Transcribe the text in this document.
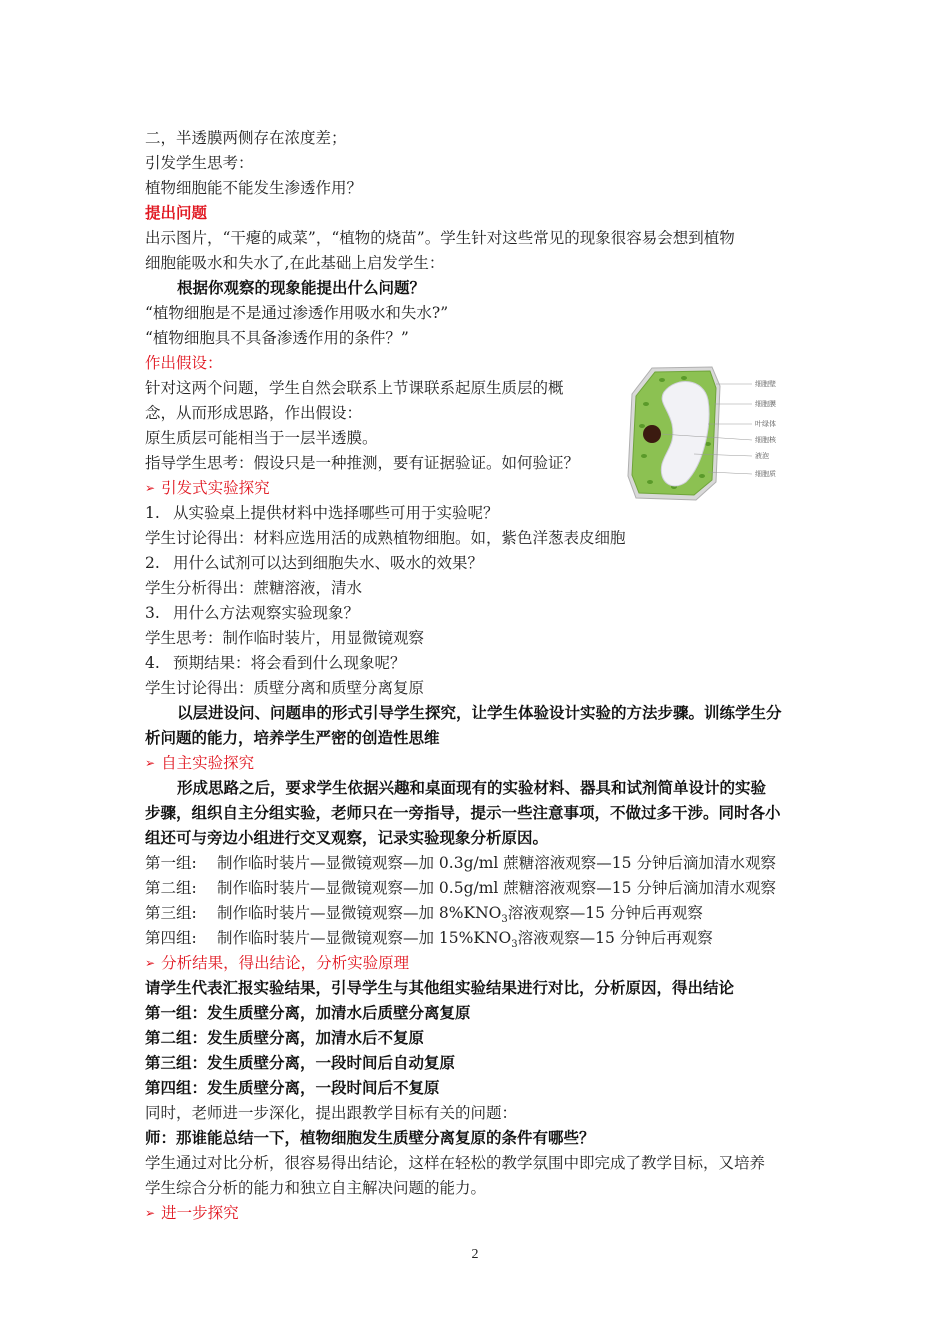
二，半透膜两侧存在浓度差；
引发学生思考：
植物细胞能不能发生渗透作用？
提出问题
出示图片，“干瘪的咸菜”，“植物的烧苗”。学生针对这些常见的现象很容易会想到植物
细胞能吸水和失水了,在此基础上启发学生：
根据你观察的现象能提出什么问题？
“植物细胞是不是通过渗透作用吸水和失水?”
“植物细胞具不具备渗透作用的条件？”
作出假设：
针对这两个问题，学生自然会联系上节课联系起原生质层的概
念，从而形成思路，作出假设：
原生质层可能相当于一层半透膜。
指导学生思考：假设只是一种推测，要有证据验证。如何验证？
➢ 引发式实验探究
1. 从实验桌上提供材料中选择哪些可用于实验呢？
学生讨论得出：材料应选用活的成熟植物细胞。如，紫色洋葱表皮细胞
2. 用什么试剂可以达到细胞失水、吸水的效果？
学生分析得出：蔗糖溶液，清水
3. 用什么方法观察实验现象？
学生思考：制作临时装片，用显微镜观察
4. 预期结果：将会看到什么现象呢？
学生讨论得出：质壁分离和质壁分离复原
以层进设问、问题串的形式引导学生探究，让学生体验设计实验的方法步骤。训练学生分
析问题的能力，培养学生严密的创造性思维
➢ 自主实验探究
形成思路之后，要求学生依据兴趣和桌面现有的实验材料、器具和试剂简单设计的实验
步骤，组织自主分组实验，老师只在一旁指导，提示一些注意事项，不做过多干涉。同时各小
组还可与旁边小组进行交叉观察，记录实验现象分析原因。
第一组: 制作临时装片—显微镜观察—加 0.3g/ml 蔗糖溶液观察—15 分钟后滴加清水观察
第二组: 制作临时装片—显微镜观察—加 0.5g/ml 蔗糖溶液观察—15 分钟后滴加清水观察
第三组: 制作临时装片—显微镜观察—加 $8\%KNO_3$溶液观察—15 分钟后再观察
第四组: 制作临时装片—显微镜观察—加 $15\%KNO_3$溶液观察—15 分钟后再观察
➢ 分析结果，得出结论，分析实验原理
请学生代表汇报实验结果，引导学生与其他组实验结果进行对比，分析原因，得出结论
第一组：发生质壁分离，加清水后质壁分离复原
第二组：发生质壁分离，加清水后不复原
第三组：发生质壁分离，一段时间后自动复原
第四组：发生质壁分离，一段时间后不复原
同时，老师进一步深化，提出跟教学目标有关的问题：
师：那谁能总结一下，植物细胞发生质壁分离复原的条件有哪些？
学生通过对比分析，很容易得出结论，这样在轻松的教学氛围中即完成了教学目标，又培养
学生综合分析的能力和独立自主解决问题的能力。
➢ 进一步探究
细胞壁
细胞膜
叶绿体
细胞核
液泡
细胞质
2
